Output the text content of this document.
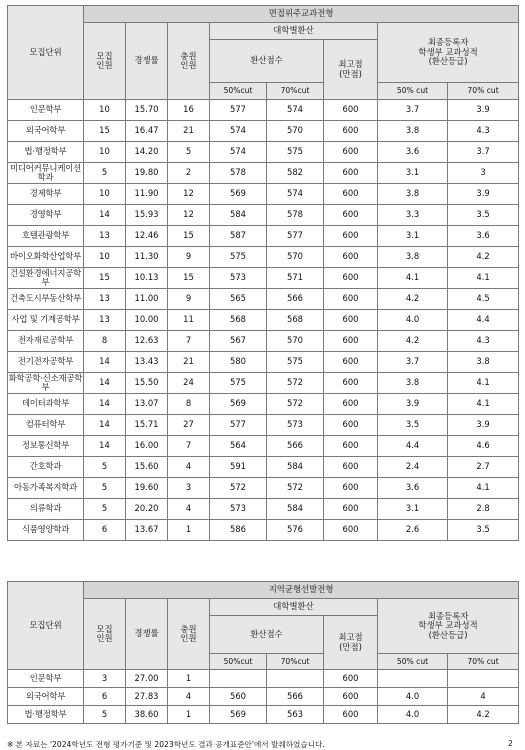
모집단위	면접위주교과전형							
	모집
인원	경쟁률	충원
인원	대학별환산			최종등록자
학생부 교과성적
(환산등급)	
				환산점수		최고점
(만점)		
				50%cut	70%cut		50% cut	70% cut
인문학부	10	15.70	16	577	574	600	3.7	3.9
외국어학부	15	16.47	21	574	570	600	3.8	4.3
법·행정학부	10	14.20	5	574	575	600	3.6	3.7
미디어커뮤니케이션학과	5	19.80	2	578	582	600	3.1	3
경제학부	10	11.90	12	569	574	600	3.8	3.9
경영학부	14	15.93	12	584	578	600	3.3	3.5
호텔관광학부	13	12.46	15	587	577	600	3.1	3.6
바이오화학산업학부	10	11.30	9	575	570	600	3.8	4.2
건설환경에너지공학부	15	10.13	15	573	571	600	4.1	4.1
건축도시부동산학부	13	11.00	9	565	566	600	4.2	4.5
사업 및 기계공학부	13	10.00	11	568	568	600	4.0	4.4
전자재료공학부	8	12.63	7	567	570	600	4.2	4.3
전기전자공학부	14	13.43	21	580	575	600	3.7	3.8
화학공학·신소재공학부	14	15.50	24	575	572	600	3.8	4.1
데이터과학부	14	13.07	8	569	572	600	3.9	4.1
컴퓨터학부	14	15.71	27	577	573	600	3.5	3.9
정보통신학부	14	16.00	7	564	566	600	4.4	4.6
간호학과	5	15.60	4	591	584	600	2.4	2.7
아동가족복지학과	5	19.60	3	572	572	600	3.6	4.1
의류학과	5	20.20	4	573	584	600	3.1	2.8
식품영양학과	6	13.67	1	586	576	600	2.6	3.5
모집단위	지역균형선발전형							
	모집
인원	경쟁률	충원
인원	대학별환산			최종등록자
학생부 교과성적
(환산등급)	
				환산점수		최고점
(만점)		
				50%cut	70%cut		50% cut	70% cut
인문학부	3	27.00	1			600		
외국어학부	6	27.83	4	560	566	600	4.0	4
법·행정학부	5	38.60	1	569	563	600	4.0	4.2
※ 본 자료는 '2024학년도 전형 평가기준 및 2023학년도 결과 공개표준안'에서 발췌하였습니다.	2
